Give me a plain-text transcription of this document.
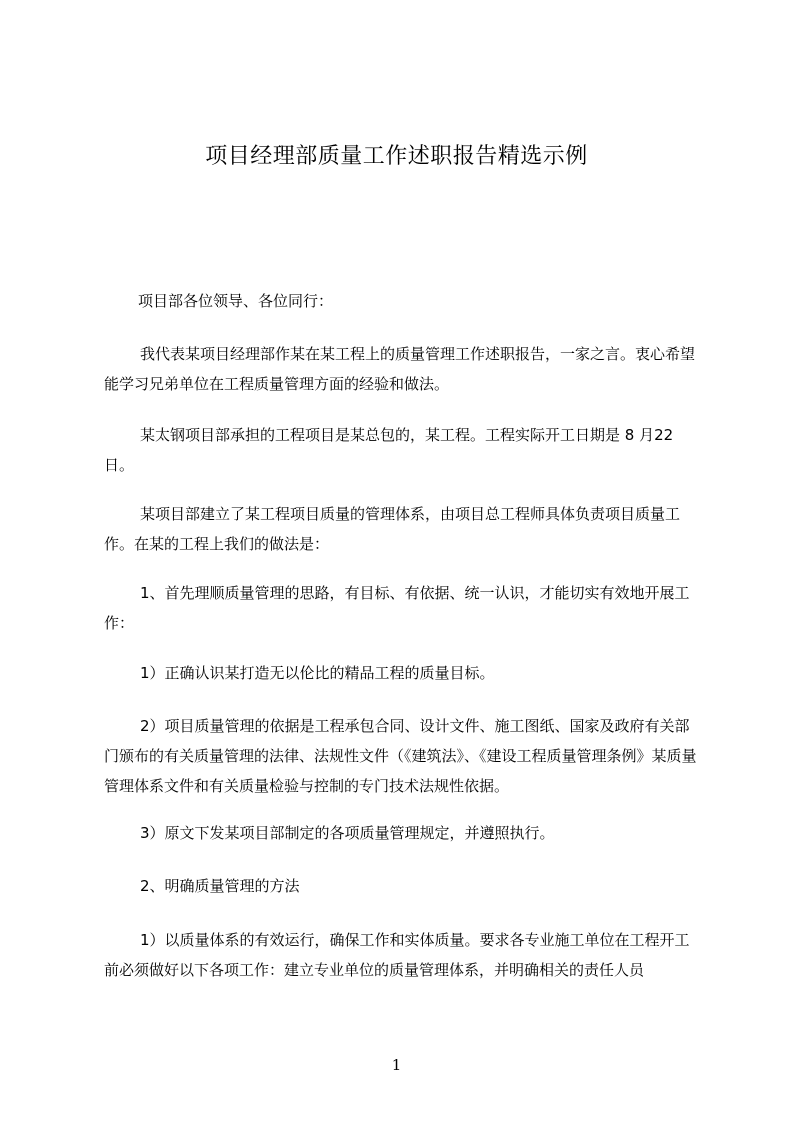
项目经理部质量工作述职报告精选示例

项目部各位领导、各位同行：

我代表某项目经理部作某在某工程上的质量管理工作述职报告，一家之言。衷心希望能学习兄弟单位在工程质量管理方面的经验和做法。

某太钢项目部承担的工程项目是某总包的，某工程。工程实际开工日期是 8 月22 日。

某项目部建立了某工程项目质量的管理体系，由项目总工程师具体负责项目质量工作。在某的工程上我们的做法是：

1、首先理顺质量管理的思路，有目标、有依据、统一认识，才能切实有效地开展工作：

1）正确认识某打造无以伦比的精品工程的质量目标。

2）项目质量管理的依据是工程承包合同、设计文件、施工图纸、国家及政府有关部门颁布的有关质量管理的法律、法规性文件（《建筑法》、《建设工程质量管理条例》某质量管理体系文件和有关质量检验与控制的专门技术法规性依据。

3）原文下发某项目部制定的各项质量管理规定，并遵照执行。

2、明确质量管理的方法

1）以质量体系的有效运行，确保工作和实体质量。要求各专业施工单位在工程开工前必须做好以下各项工作：建立专业单位的质量管理体系，并明确相关的责任人员

1
